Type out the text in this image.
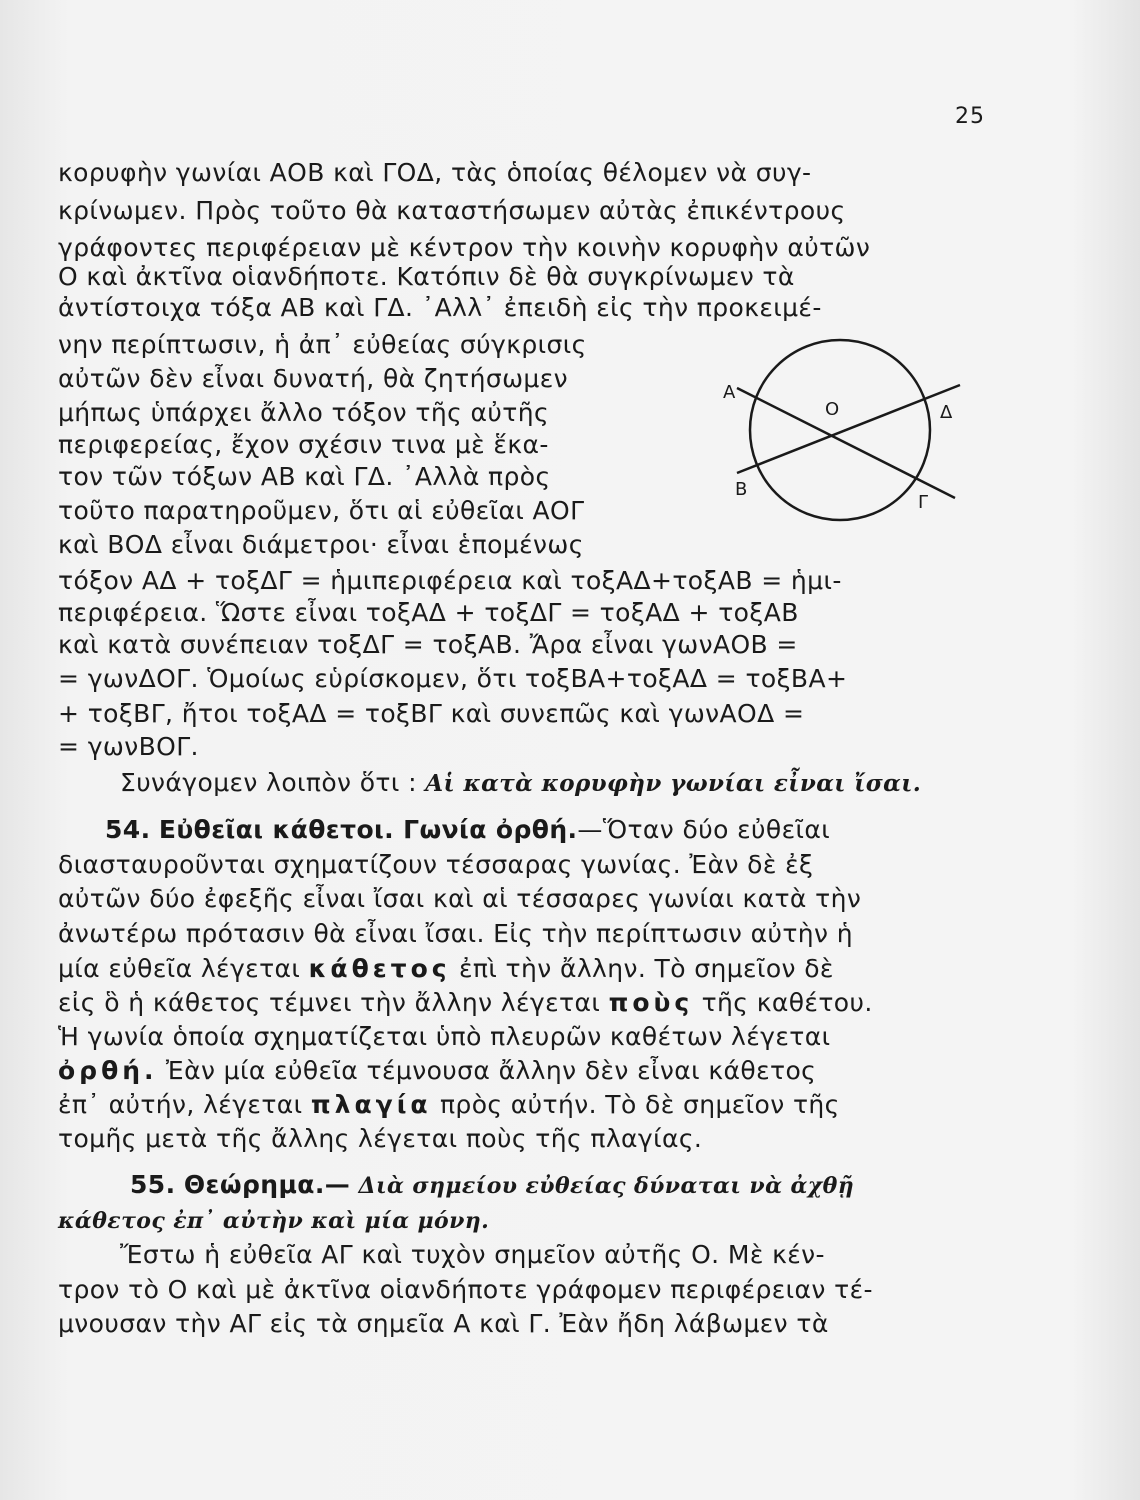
25
κορυφὴν γωνίαι ΑΟΒ καὶ ΓΟΔ, τὰς ὁποίας θέλομεν νὰ συγ-
κρίνωμεν. Πρὸς τοῦτο θὰ καταστήσωμεν αὐτὰς ἐπικέντρους
γράφοντες περιφέρειαν μὲ κέντρον τὴν κοινὴν κορυφὴν αὐτῶν
Ο καὶ ἀκτῖνα οἱανδήποτε. Κατόπιν δὲ θὰ συγκρίνωμεν τὰ
ἀντίστοιχα τόξα ΑΒ καὶ ΓΔ. ᾿Αλλ᾿ ἐπειδὴ εἰς τὴν προκειμέ-
νην περίπτωσιν, ἡ ἀπ᾿ εὐθείας σύγκρισις
αὐτῶν δὲν εἶναι δυνατή, θὰ ζητήσωμεν
μήπως ὑπάρχει ἄλλο τόξον τῆς αὐτῆς
περιφερείας, ἔχον σχέσιν τινα μὲ ἕκα-
τον τῶν τόξων ΑΒ καὶ ΓΔ. ᾿Αλλὰ πρὸς
τοῦτο παρατηροῦμεν, ὅτι αἱ εὐθεῖαι ΑΟΓ
καὶ ΒΟΔ εἶναι διάμετροι· εἶναι ἑπομένως
τόξον ΑΔ + τοξΔΓ = ἡμιπεριφέρεια καὶ τοξΑΔ+τοξΑΒ = ἡμι-
περιφέρεια. Ὥστε εἶναι τοξΑΔ + τοξΔΓ = τοξΑΔ + τοξΑΒ
καὶ κατὰ συνέπειαν τοξΔΓ = τοξΑΒ. Ἄρα εἶναι γωνΑΟΒ =
= γωνΔΟΓ. Ὁμοίως εὑρίσκομεν, ὅτι τοξΒΑ+τοξΑΔ = τοξΒΑ+
+ τοξΒΓ, ἤτοι τοξΑΔ = τοξΒΓ καὶ συνεπῶς καὶ γωνΑΟΔ =
= γωνΒΟΓ.
Συνάγομεν λοιπὸν ὅτι : Αἱ κατὰ κορυφὴν γωνίαι εἶναι ἴσαι.
54. Εὐθεῖαι κάθετοι. Γωνία ὀρθή.—Ὅταν δύο εὐθεῖαι
διασταυροῦνται σχηματίζουν τέσσαρας γωνίας. Ἐὰν δὲ ἐξ
αὐτῶν δύο ἐφεξῆς εἶναι ἴσαι καὶ αἱ τέσσαρες γωνίαι κατὰ τὴν
ἀνωτέρω πρότασιν θὰ εἶναι ἴσαι. Εἰς τὴν περίπτωσιν αὐτὴν ἡ
μία εὐθεῖα λέγεται κάθετος ἐπὶ τὴν ἄλλην. Τὸ σημεῖον δὲ
εἰς ὃ ἡ κάθετος τέμνει τὴν ἄλλην λέγεται ποὺς τῆς καθέτου.
Ἡ γωνία ὁποία σχηματίζεται ὑπὸ πλευρῶν καθέτων λέγεται
ὀρθή. Ἐὰν μία εὐθεῖα τέμνουσα ἄλλην δὲν εἶναι κάθετος
ἐπ᾿ αὐτήν, λέγεται πλαγία πρὸς αὐτήν. Τὸ δὲ σημεῖον τῆς
τομῆς μετὰ τῆς ἄλλης λέγεται ποὺς τῆς πλαγίας.
55. Θεώρημα.— Διὰ σημείου εὐθείας δύναται νὰ ἀχθῇ
κάθετος ἐπ᾿ αὐτὴν καὶ μία μόνη.
Ἔστω ἡ εὐθεῖα ΑΓ καὶ τυχὸν σημεῖον αὐτῆς Ο. Μὲ κέν-
τρον τὸ Ο καὶ μὲ ἀκτῖνα οἱανδήποτε γράφομεν περιφέρειαν τέ-
μνουσαν τὴν ΑΓ εἰς τὰ σημεῖα Α καὶ Γ. Ἐὰν ἤδη λάβωμεν τὰ
Α
Β
Γ
Δ
Ο
